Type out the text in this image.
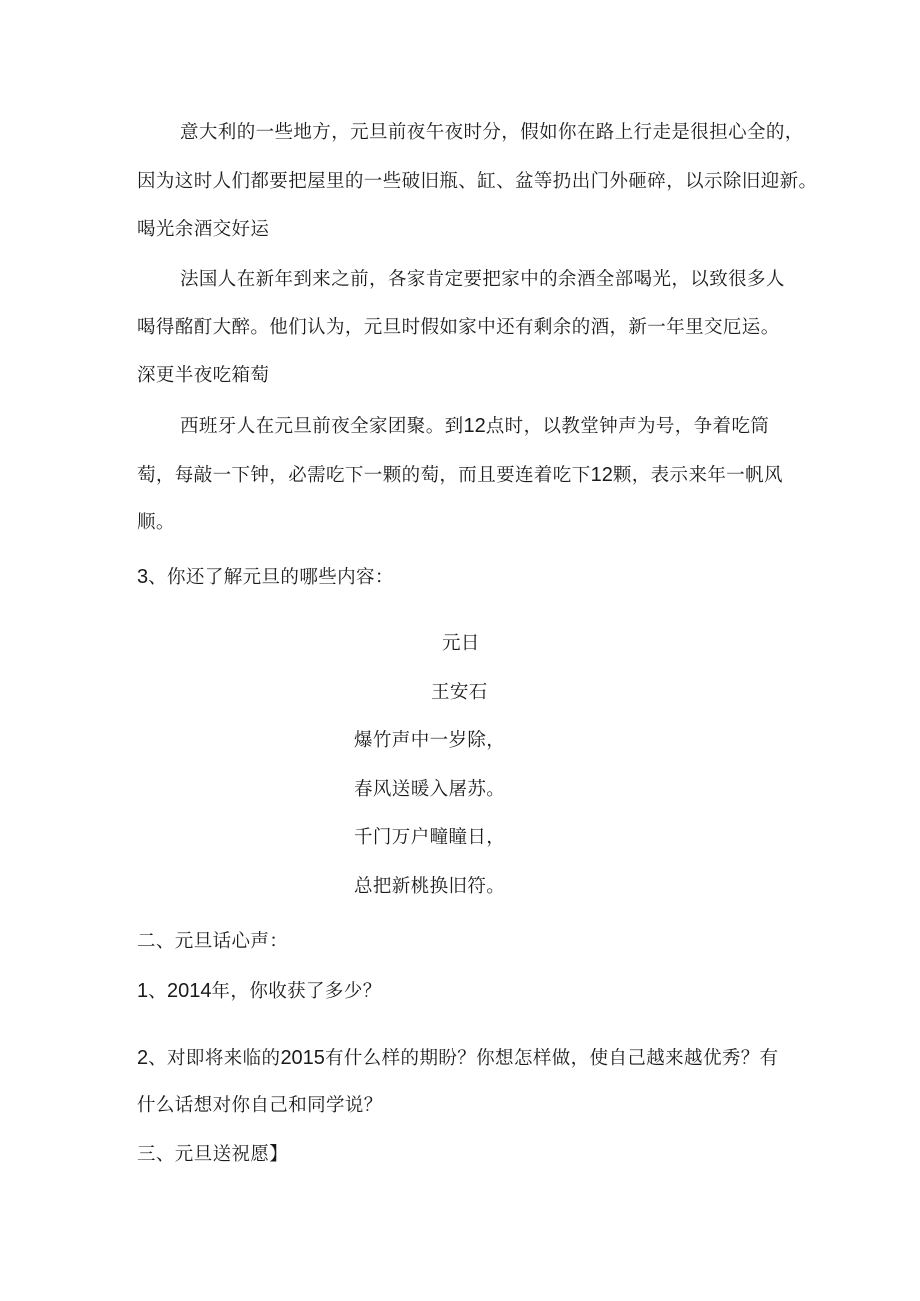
意大利的一些地方，元旦前夜午夜时分，假如你在路上行走是很担心全的，
因为这时人们都要把屋里的一些破旧瓶、缸、盆等扔出门外砸碎，以示除旧迎新。
喝光余酒交好运
法国人在新年到来之前，各家肯定要把家中的余酒全部喝光，以致很多人
喝得酩酊大醉。他们认为，元旦时假如家中还有剩余的酒，新一年里交厄运。
深更半夜吃箱萄
西班牙人在元旦前夜全家团聚。到12点时，以教堂钟声为号，争着吃筒
萄，每敲一下钟，必需吃下一颗的萄，而且要连着吃下12颗，表示来年一帆风
顺。
3、你还了解元旦的哪些内容：
元日
王安石
爆竹声中一岁除，
春风送暖入屠苏。
千门万户疃瞳日，
总把新桃换旧符。
二、元旦话心声：
1、2014年，你收获了多少？
2、对即将来临的2015有什么样的期盼？你想怎样做，使自己越来越优秀？有
什么话想对你自己和同学说？
三、元旦送祝愿】
